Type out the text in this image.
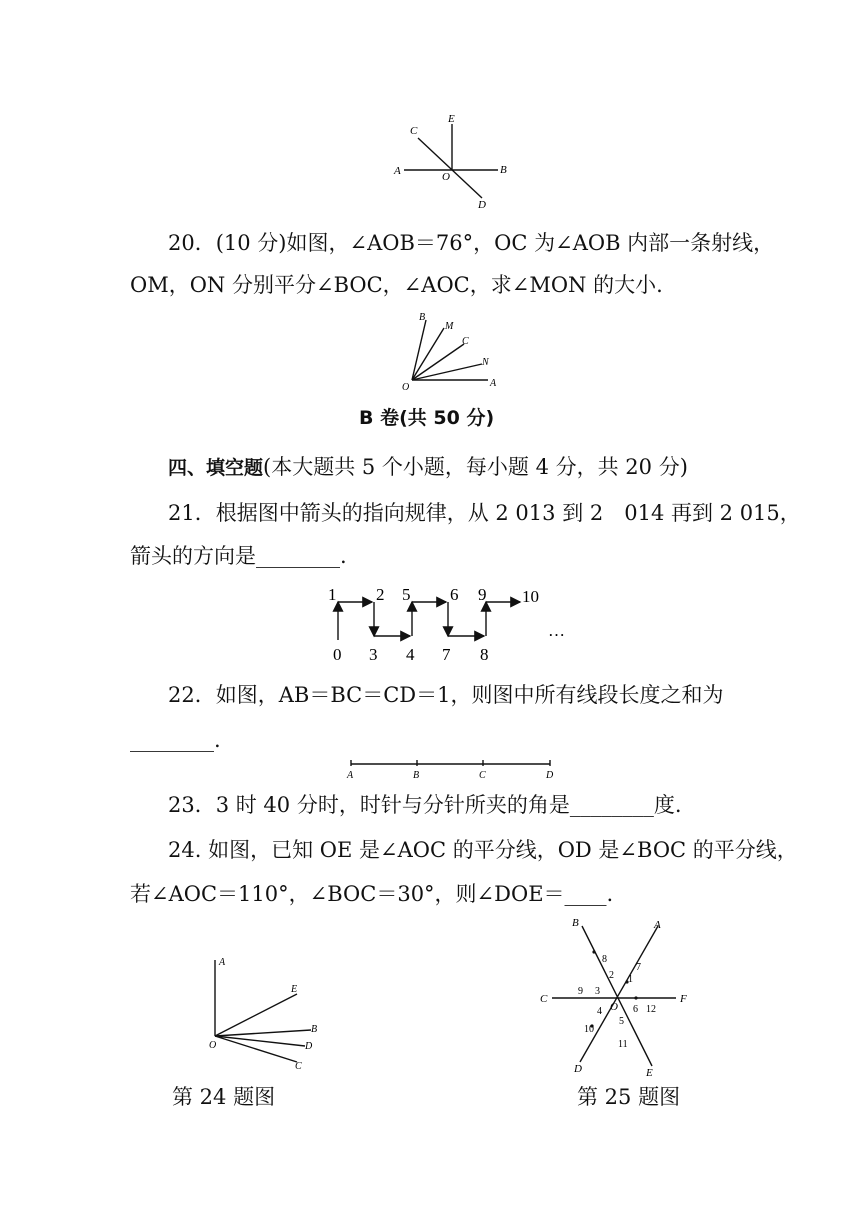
E
C
A	O
B
D
20．(10 分)如图，∠AOB＝76°，OC 为∠AOB 内部一条射线，
OM，ON 分别平分∠BOC，∠AOC，求∠MON 的大小.
B
M
C
N
O	A
B 卷(共 50 分)
四、填空题(本大题共 5 个小题，每小题 4 分，共 20 分)
21．根据图中箭头的指向规律，从 2 013 到 2　014 再到 2 015，
箭头的方向是________.
1 2 5 6 9 10
0 3 4 7 8
…
22．如图，AB＝BC＝CD＝1，则图中所有线段长度之和为
________.
A	B	C	D
23．3 时 40 分时，时针与分针所夹的角是________度.
24. 如图，已知 OE 是∠AOC 的平分线，OD 是∠BOC 的平分线，
若∠AOC＝110°，∠BOC＝30°，则∠DOE＝____.
A
E
B
D
C
O
第 24 题图
B	A
C	F
D	E
O
8
7
2 1
9 3
4	6 12
5
10
11
第 25 题图
